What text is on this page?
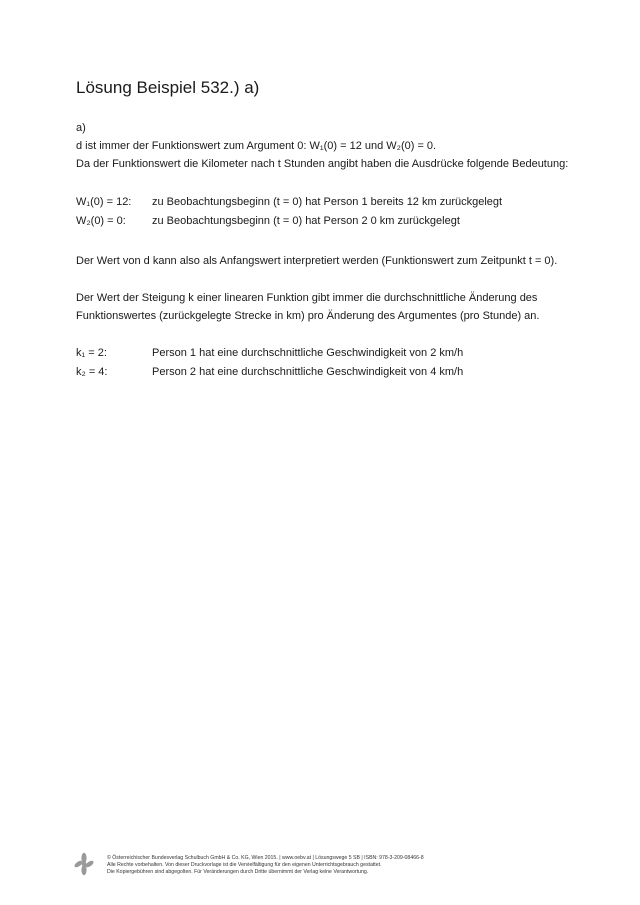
Lösung Beispiel 532.) a)
a)
d ist immer der Funktionswert zum Argument 0: W₁(0) = 12 und W₂(0) = 0.
Da der Funktionswert die Kilometer nach t Stunden angibt haben die Ausdrücke folgende Bedeutung:
W₁(0) = 12: zu Beobachtungsbeginn (t = 0) hat Person 1 bereits 12 km zurückgelegt
W₂(0) = 0: zu Beobachtungsbeginn (t = 0) hat Person 2 0 km zurückgelegt
Der Wert von d kann also als Anfangswert interpretiert werden (Funktionswert zum Zeitpunkt t = 0).
Der Wert der Steigung k einer linearen Funktion gibt immer die durchschnittliche Änderung des
Funktionswertes (zurückgelegte Strecke in km) pro Änderung des Argumentes (pro Stunde) an.
k₁ = 2:	Person 1 hat eine durchschnittliche Geschwindigkeit von 2 km/h
k₂ = 4:	Person 2 hat eine durchschnittliche Geschwindigkeit von 4 km/h
© Österreichischer Bundesverlag Schulbuch GmbH & Co. KG, Wien 2015. | www.oebv.at | Lösungswege 5 SB | ISBN: 978-3-209-08466-8
Alle Rechte vorbehalten. Von dieser Druckvorlage ist die Vervielfältigung für den eigenen Unterrichtsgebrauch gestattet.
Die Kopiergebühren sind abgegolten. Für Veränderungen durch Dritte übernimmt der Verlag keine Verantwortung.
